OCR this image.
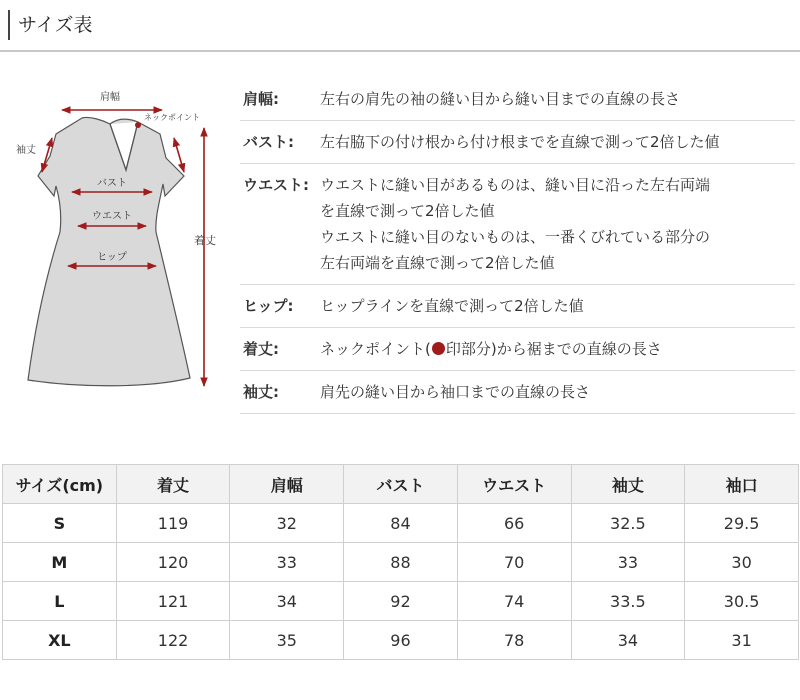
サイズ表
肩幅
ネックポイント
袖丈
バスト
ウエスト
ヒップ
着丈
肩幅:	左右の肩先の袖の縫い目から縫い目までの直線の長さ
バスト: 左右脇下の付け根から付け根までを直線で測って2倍した値
ウエスト: ウエストに縫い目があるものは、縫い目に沿った左右両端
を直線で測って2倍した値
ウエストに縫い目のないものは、一番くびれている部分の
左右両端を直線で測って2倍した値
ヒップ: ヒップラインを直線で測って2倍した値
着丈:	ネックポイント( 印部分)から裾までの直線の長さ
袖丈:	肩先の縫い目から袖口までの直線の長さ
サイズ(cm)	着丈	肩幅	バスト	ウエスト	袖丈	袖口
S	119	32	84	66	32.5	29.5
M	120	33	88	70	33	30
L	121	34	92	74	33.5	30.5
XL	122	35	96	78	34	31
